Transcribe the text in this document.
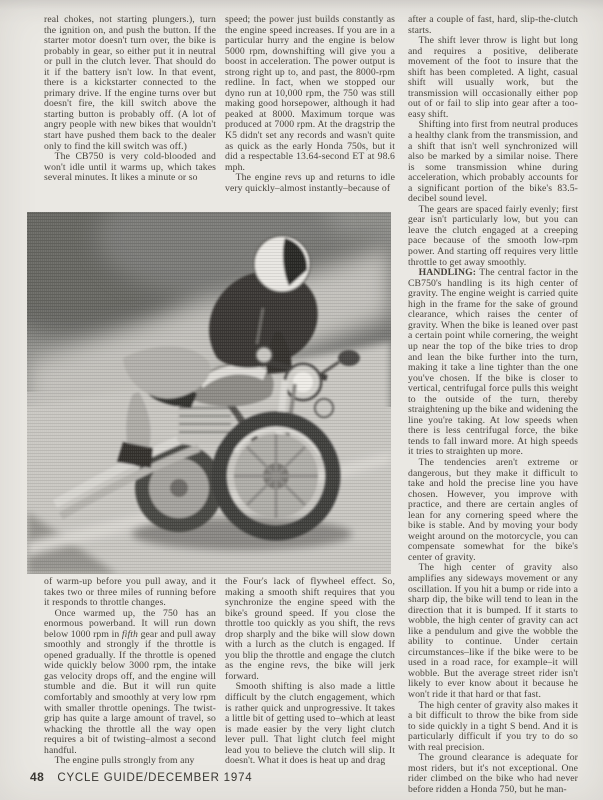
real chokes, not starting plungers.), turn the ignition on, and push the button. If the starter motor doesn't turn over, the bike is probably in gear, so either put it in neutral or pull in the clutch lever. That should do it if the battery isn't low. In that event, there is a kickstarter connected to the primary drive. If the engine turns over but doesn't fire, the kill switch above the starting button is probably off. (A lot of angry people with new bikes that wouldn't start have pushed them back to the dealer only to find the kill switch was off.)

The CB750 is very cold-blooded and won't idle until it warms up, which takes several minutes. It likes a minute or so

speed; the power just builds constantly as the engine speed increases. If you are in a particular hurry and the engine is below 5000 rpm, downshifting will give you a boost in acceleration. The power output is strong right up to, and past, the 8000-rpm redline. In fact, when we stopped our dyno run at 10,000 rpm, the 750 was still making good horsepower, although it had peaked at 8000. Maximum torque was produced at 7000 rpm. At the dragstrip the K5 didn't set any records and wasn't quite as quick as the early Honda 750s, but it did a respectable 13.64-second ET at 98.6 mph.

The engine revs up and returns to idle very quickly–almost instantly–because of

after a couple of fast, hard, slip-the-clutch starts.

The shift lever throw is light but long and requires a positive, deliberate movement of the foot to insure that the shift has been completed. A light, casual shift will usually work, but the transmission will occasionally either pop out of or fail to slip into gear after a too-easy shift.

Shifting into first from neutral produces a healthy clank from the transmission, and a shift that isn't well synchronized will also be marked by a similar noise. There is some transmission whine during acceleration, which probably accounts for a significant portion of the bike's 83.5-decibel sound level.

The gears are spaced fairly evenly; first gear isn't particularly low, but you can leave the clutch engaged at a creeping pace because of the smooth low-rpm power. And starting off requires very little throttle to get away smoothly.

HANDLING: The central factor in the CB750's handling is its high center of gravity. The engine weight is carried quite high in the frame for the sake of ground clearance, which raises the center of gravity. When the bike is leaned over past a certain point while cornering, the weight up near the top of the bike tries to drop and lean the bike further into the turn, making it take a line tighter than the one you've chosen. If the bike is closer to vertical, centrifugal force pulls this weight to the outside of the turn, thereby straightening up the bike and widening the line you're taking. At low speeds when there is less centrifugal force, the bike tends to fall inward more. At high speeds it tries to straighten up more.

The tendencies aren't extreme or dangerous, but they make it difficult to take and hold the precise line you have chosen. However, you improve with practice, and there are certain angles of lean for any cornering speed where the bike is stable. And by moving your body weight around on the motorcycle, you can compensate somewhat for the bike's center of gravity.

The high center of gravity also amplifies any sideways movement or any oscillation. If you hit a bump or ride into a sharp dip, the bike will tend to lean in the direction that it is bumped. If it starts to wobble, the high center of gravity can act like a pendulum and give the wobble the ability to continue. Under certain circumstances–like if the bike were to be used in a road race, for example–it will wobble. But the average street rider isn't likely to ever know about it because he won't ride it that hard or that fast.

The high center of gravity also makes it a bit difficult to throw the bike from side to side quickly in a tight S bend. And it is particularly difficult if you try to do so with real precision.

The ground clearance is adequate for most riders, but it's not exceptional. One rider climbed on the bike who had never before ridden a Honda 750, but he man-

of warm-up before you pull away, and it takes two or three miles of running before it responds to throttle changes.

Once warmed up, the 750 has an enormous powerband. It will run down below 1000 rpm in fifth gear and pull away smoothly and strongly if the throttle is opened gradually. If the throttle is opened wide quickly below 3000 rpm, the intake gas velocity drops off, and the engine will stumble and die. But it will run quite comfortably and smoothly at very low rpm with smaller throttle openings. The twist-grip has quite a large amount of travel, so whacking the throttle all the way open requires a bit of twisting–almost a second handful.

The engine pulls strongly from any

the Four's lack of flywheel effect. So, making a smooth shift requires that you synchronize the engine speed with the bike's ground speed. If you close the throttle too quickly as you shift, the revs drop sharply and the bike will slow down with a lurch as the clutch is engaged. If you blip the throttle and engage the clutch as the engine revs, the bike will jerk forward.

Smooth shifting is also made a little difficult by the clutch engagement, which is rather quick and unprogressive. It takes a little bit of getting used to–which at least is made easier by the very light clutch lever pull. That light clutch feel might lead you to believe the clutch will slip. It doesn't. What it does is heat up and drag

48 CYCLE GUIDE/DECEMBER 1974
